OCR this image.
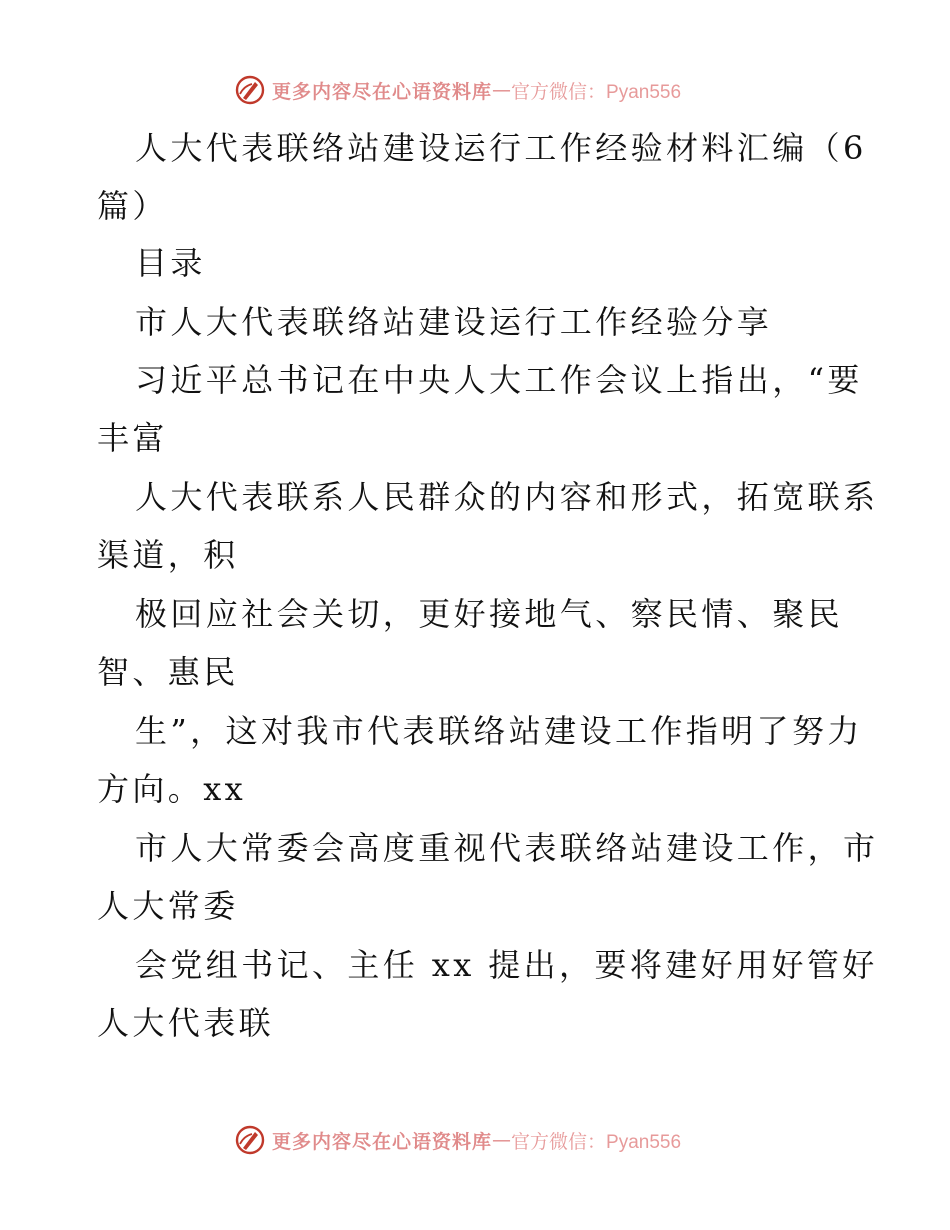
更多内容尽在心语资料库 — 官方微信：Pyan556
人大代表联络站建设运行工作经验材料汇编（6
篇）
目录
市人大代表联络站建设运行工作经验分享
习近平总书记在中央人大工作会议上指出，“要
丰富
人大代表联系人民群众的内容和形式，拓宽联系
渠道，积
极回应社会关切，更好接地气、察民情、聚民
智、惠民
生”，这对我市代表联络站建设工作指明了努力
方向。xx
市人大常委会高度重视代表联络站建设工作，市
人大常委
会党组书记、主任 xx 提出，要将建好用好管好
人大代表联
更多内容尽在心语资料库 — 官方微信：Pyan556
